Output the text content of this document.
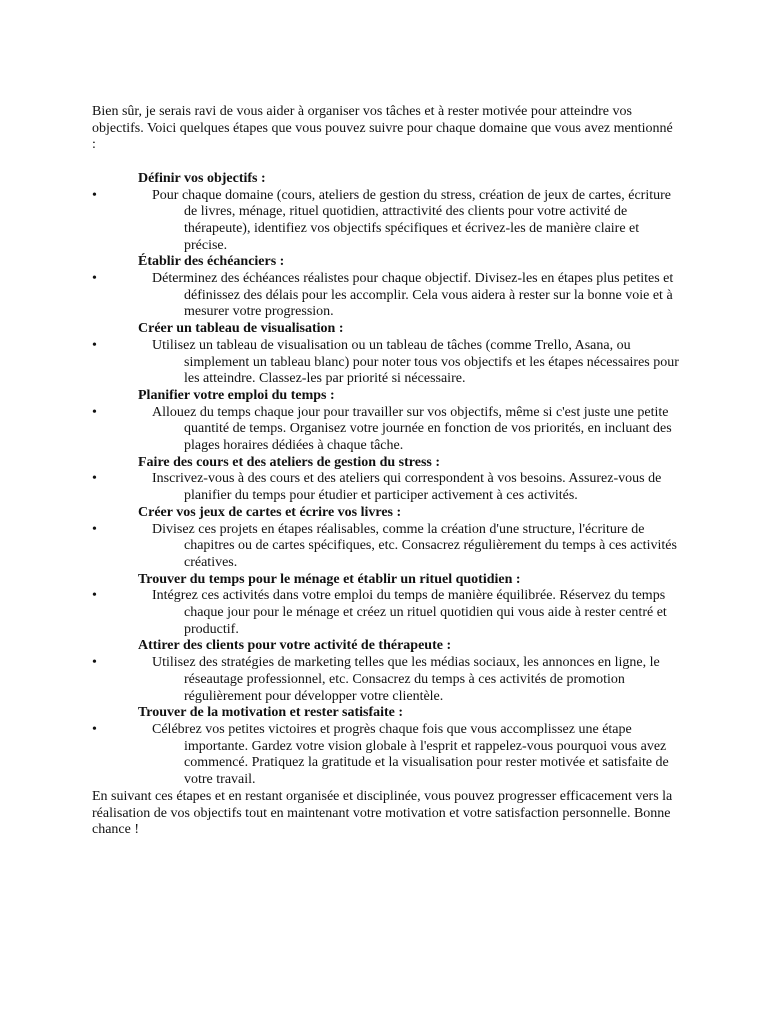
Bien sûr, je serais ravi de vous aider à organiser vos tâches et à rester motivée pour atteindre vos objectifs. Voici quelques étapes que vous pouvez suivre pour chaque domaine que vous avez mentionné :

Définir vos objectifs :

•	Pour chaque domaine (cours, ateliers de gestion du stress, création de jeux de cartes, écriture de livres, ménage, rituel quotidien, attractivité des clients pour votre activité de thérapeute), identifiez vos objectifs spécifiques et écrivez-les de manière claire et précise.

Établir des échéanciers :

•	Déterminez des échéances réalistes pour chaque objectif. Divisez-les en étapes plus petites et définissez des délais pour les accomplir. Cela vous aidera à rester sur la bonne voie et à mesurer votre progression.

Créer un tableau de visualisation :

•	Utilisez un tableau de visualisation ou un tableau de tâches (comme Trello, Asana, ou simplement un tableau blanc) pour noter tous vos objectifs et les étapes nécessaires pour les atteindre. Classez-les par priorité si nécessaire.

Planifier votre emploi du temps :

•	Allouez du temps chaque jour pour travailler sur vos objectifs, même si c'est juste une petite quantité de temps. Organisez votre journée en fonction de vos priorités, en incluant des plages horaires dédiées à chaque tâche.

Faire des cours et des ateliers de gestion du stress :

•	Inscrivez-vous à des cours et des ateliers qui correspondent à vos besoins. Assurez-vous de planifier du temps pour étudier et participer activement à ces activités.

Créer vos jeux de cartes et écrire vos livres :

•	Divisez ces projets en étapes réalisables, comme la création d'une structure, l'écriture de chapitres ou de cartes spécifiques, etc. Consacrez régulièrement du temps à ces activités créatives.

Trouver du temps pour le ménage et établir un rituel quotidien :

•	Intégrez ces activités dans votre emploi du temps de manière équilibrée. Réservez du temps chaque jour pour le ménage et créez un rituel quotidien qui vous aide à rester centré et productif.

Attirer des clients pour votre activité de thérapeute :

•	Utilisez des stratégies de marketing telles que les médias sociaux, les annonces en ligne, le réseautage professionnel, etc. Consacrez du temps à ces activités de promotion régulièrement pour développer votre clientèle.

Trouver de la motivation et rester satisfaite :

•	Célébrez vos petites victoires et progrès chaque fois que vous accomplissez une étape importante. Gardez votre vision globale à l'esprit et rappelez-vous pourquoi vous avez commencé. Pratiquez la gratitude et la visualisation pour rester motivée et satisfaite de votre travail.

En suivant ces étapes et en restant organisée et disciplinée, vous pouvez progresser efficacement vers la réalisation de vos objectifs tout en maintenant votre motivation et votre satisfaction personnelle. Bonne chance !
